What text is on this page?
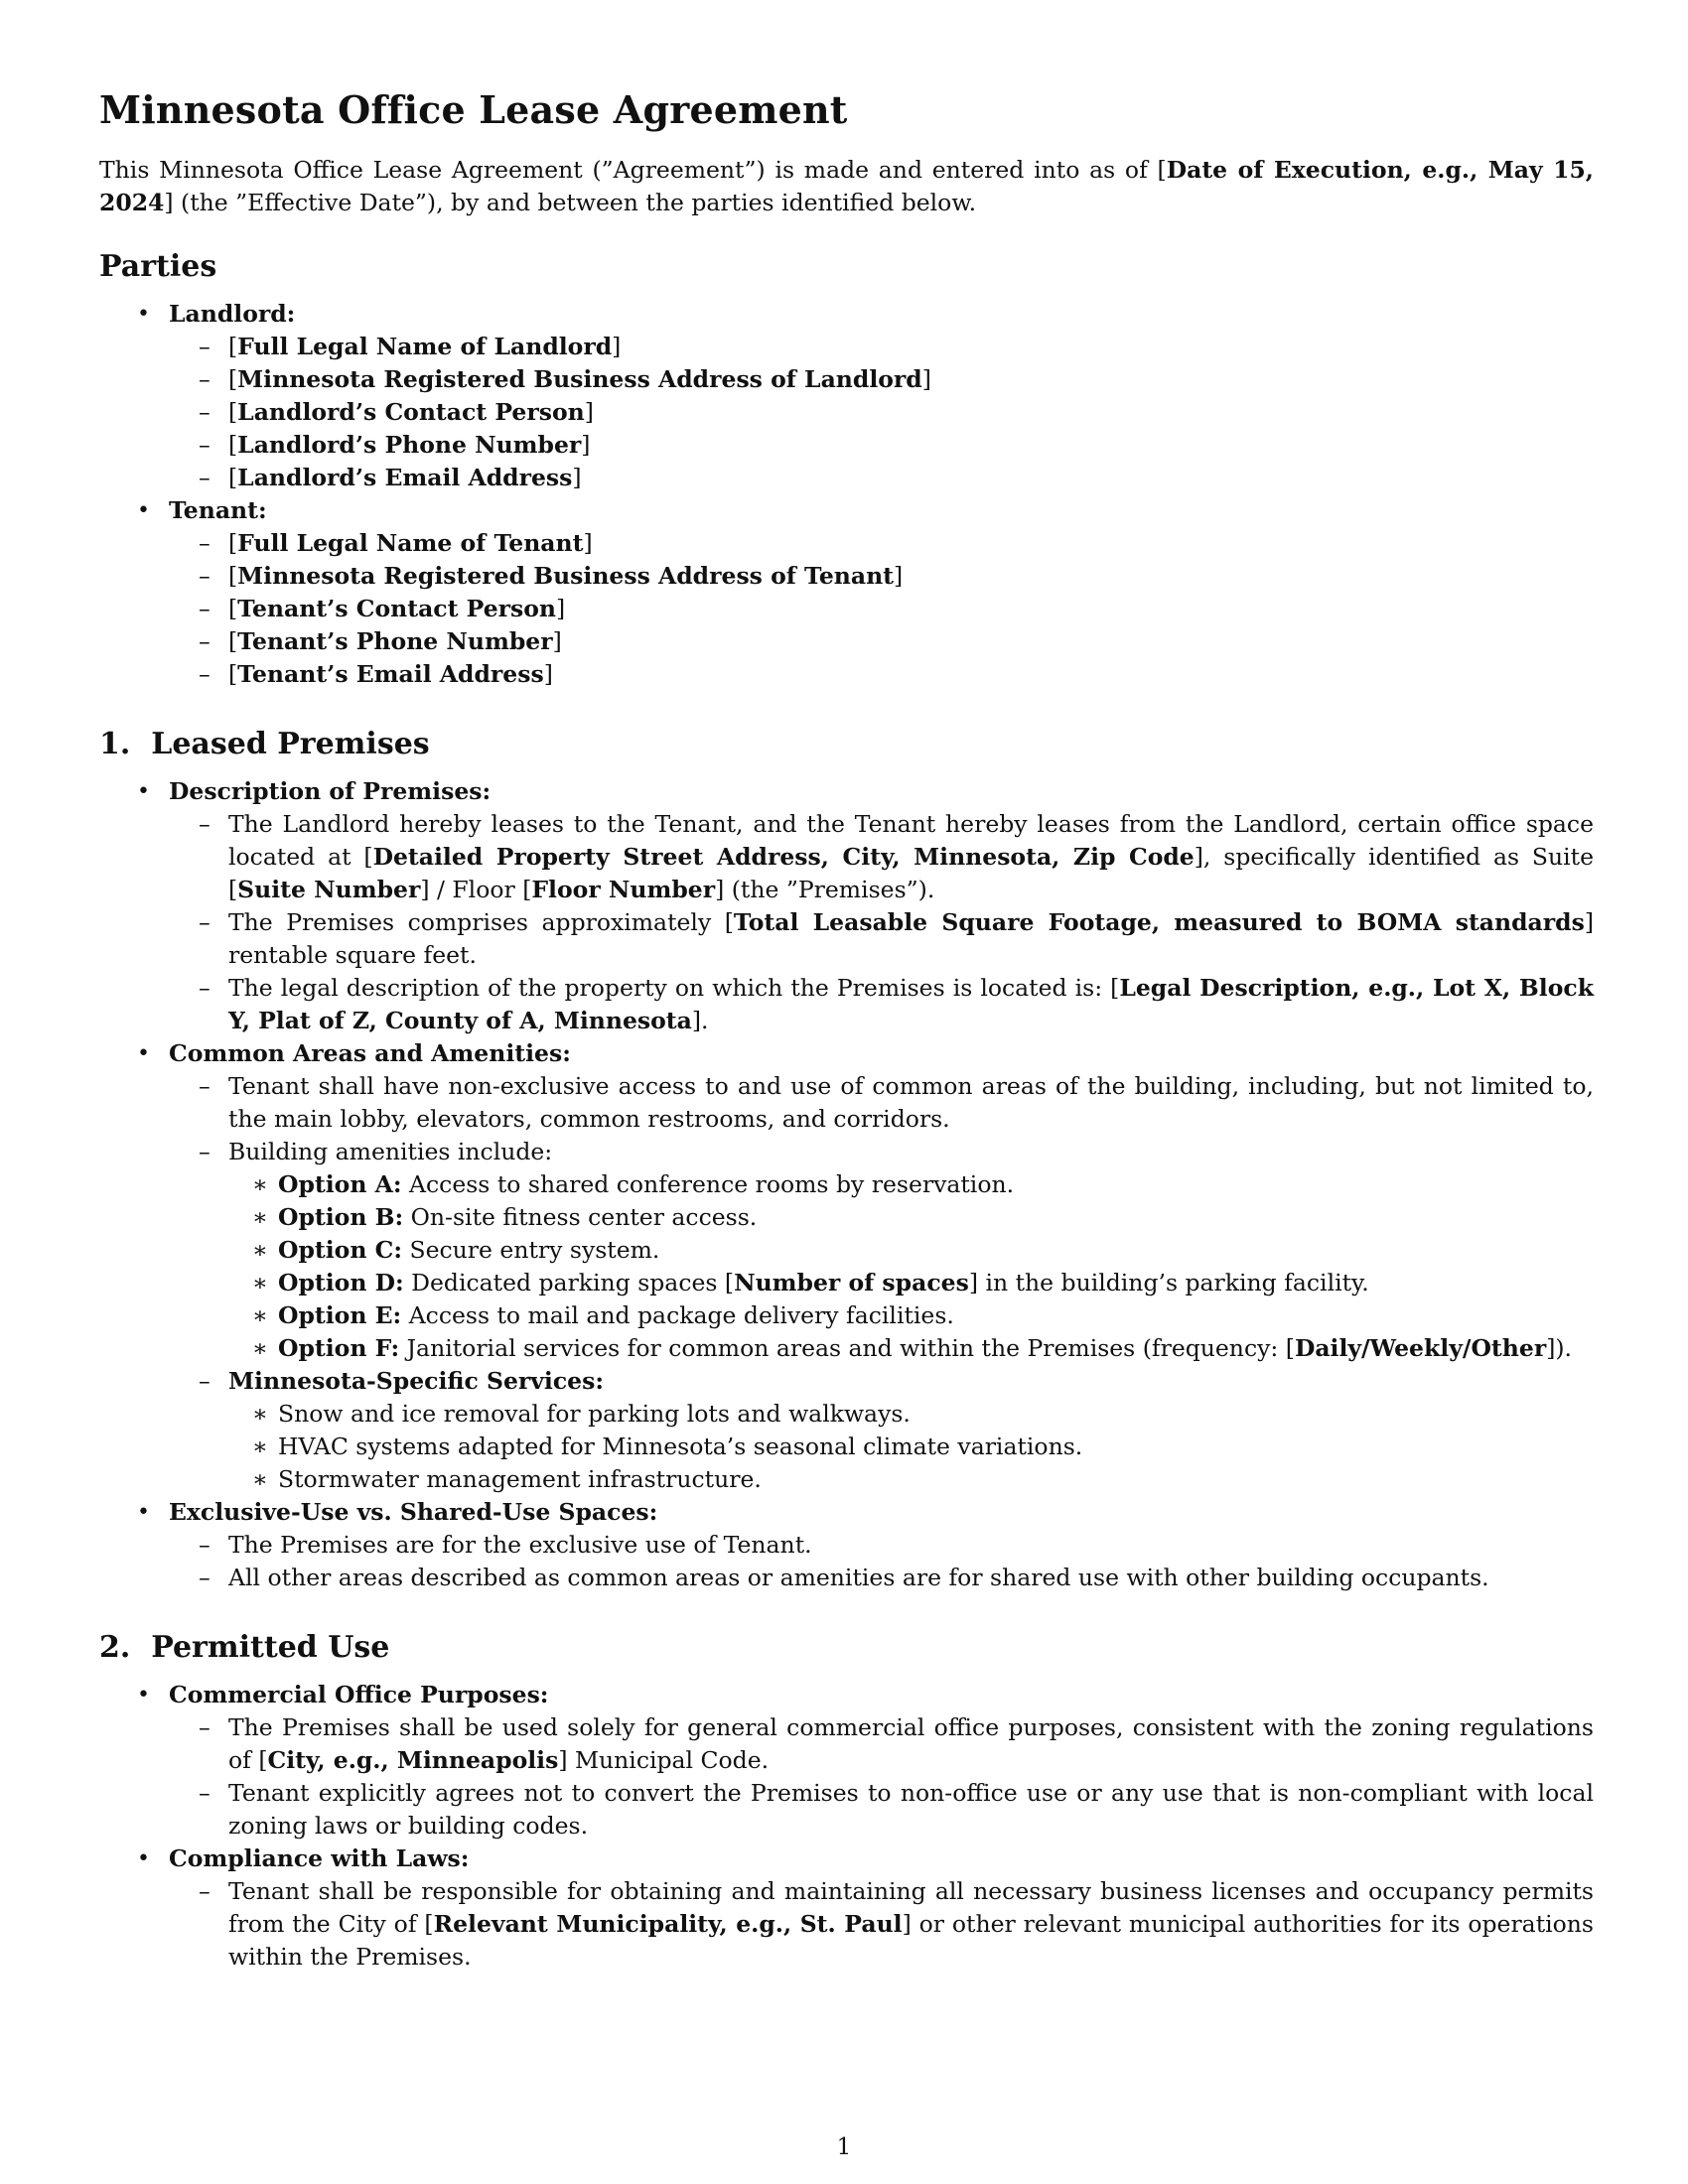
Minnesota Office Lease Agreement

This Minnesota Office Lease Agreement (”Agreement”) is made and entered into as of [Date of Execution, e.g., May 15, 2024] (the ”Effective Date”), by and between the parties identified below.

Parties
• Landlord:
– [Full Legal Name of Landlord]
– [Minnesota Registered Business Address of Landlord]
– [Landlord’s Contact Person]
– [Landlord’s Phone Number]
– [Landlord’s Email Address]
• Tenant:
– [Full Legal Name of Tenant]
– [Minnesota Registered Business Address of Tenant]
– [Tenant’s Contact Person]
– [Tenant’s Phone Number]
– [Tenant’s Email Address]
1. Leased Premises
• Description of Premises:
– The Landlord hereby leases to the Tenant, and the Tenant hereby leases from the Landlord, certain office space located at [Detailed Property Street Address, City, Minnesota, Zip Code], specifically identified as Suite [Suite Number] / Floor [Floor Number] (the ”Premises”).
– The Premises comprises approximately [Total Leasable Square Footage, measured to BOMA standards] rentable square feet.
– The legal description of the property on which the Premises is located is: [Legal Description, e.g., Lot X, Block Y, Plat of Z, County of A, Minnesota].
• Common Areas and Amenities:
– Tenant shall have non-exclusive access to and use of common areas of the building, including, but not limited to, the main lobby, elevators, common restrooms, and corridors.
– Building amenities include:
∗ Option A: Access to shared conference rooms by reservation.
∗ Option B: On-site fitness center access.
∗ Option C: Secure entry system.
∗ Option D: Dedicated parking spaces [Number of spaces] in the building’s parking facility.
∗ Option E: Access to mail and package delivery facilities.
∗ Option F: Janitorial services for common areas and within the Premises (frequency: [Daily/Weekly/Other]).
– Minnesota-Specific Services:
∗ Snow and ice removal for parking lots and walkways.
∗ HVAC systems adapted for Minnesota’s seasonal climate variations.
∗ Stormwater management infrastructure.
• Exclusive-Use vs. Shared-Use Spaces:
– The Premises are for the exclusive use of Tenant.
– All other areas described as common areas or amenities are for shared use with other building occupants.
2. Permitted Use
• Commercial Office Purposes:
– The Premises shall be used solely for general commercial office purposes, consistent with the zoning regulations of [City, e.g., Minneapolis] Municipal Code.
– Tenant explicitly agrees not to convert the Premises to non-office use or any use that is non-compliant with local zoning laws or building codes.
• Compliance with Laws:
– Tenant shall be responsible for obtaining and maintaining all necessary business licenses and occupancy permits from the City of [Relevant Municipality, e.g., St. Paul] or other relevant municipal authorities for its operations within the Premises.
1
